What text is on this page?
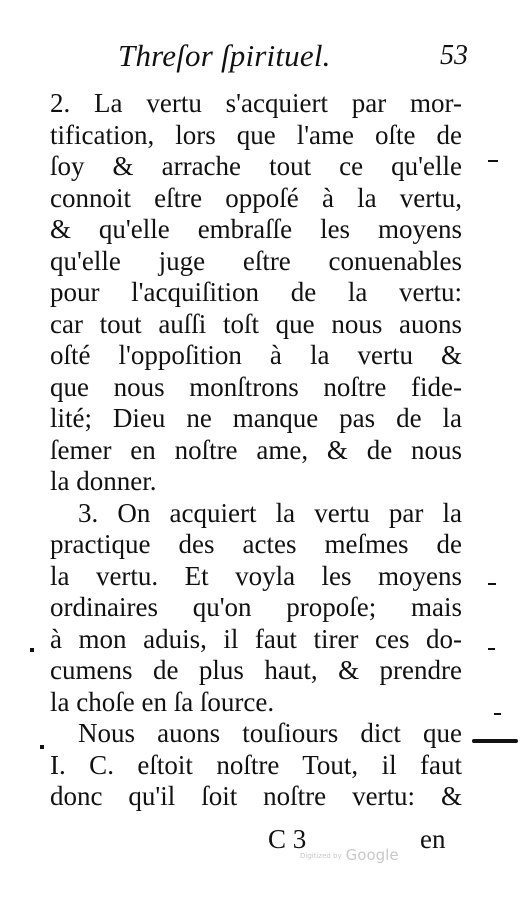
Threſor ſpirituel.	53
2. La vertu s'acquiert par mor-
tification, lors que l'ame oſte de
ſoy & arrache tout ce qu'elle
connoit eſtre oppoſé à la vertu,
& qu'elle embraſſe les moyens
qu'elle juge eſtre conuenables
pour l'acquiſition de la vertu:
car tout auſſi toſt que nous auons
oſté l'oppoſition à la vertu &
que nous monſtrons noſtre fide-
lité; Dieu ne manque pas de la
ſemer en noſtre ame, & de nous
la donner.
3. On acquiert la vertu par la
practique des actes meſmes de
la vertu. Et voyla les moyens
ordinaires qu'on propoſe; mais
à mon aduis, il faut tirer ces do-
cumens de plus haut, & prendre
la choſe en ſa ſource.
Nous auons touſiours dict que
I. C. eſtoit noſtre Tout, il faut
donc qu'il ſoit noſtre vertu: &
C 3	en
Digitized by Google
